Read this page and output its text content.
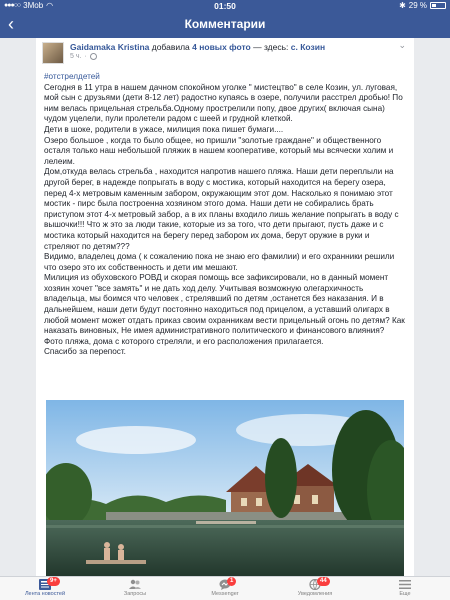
●●●○○ 3Mob ◠	01:50	✱ 29 %
‹	Комментарии
Gaidamaka Kristina добавила 4 новых фото — здесь: с. Козин
5 ч. ·
⌄
#отстрелдетей

Сегодня в 11 утра в нашем дачном спокойном уголке " мистецтво" в селе Козин, ул. луговая, мой сын с друзьями (дети 8-12 лет) радостно купаясь в озере, получили расстрел дробью! По ним велась прицельная стрельба.Одному прострелили попу, двое других( включая сына) чудом уцелели, пули пролетели радом с шеей и грудной клеткой.

Дети в шоке, родители в ужасе, милиция пока пишет бумаги....

Озеро большое , когда то было общее, но пришли "золотые граждане" и общественного осталя только наш небольшой пляжик в нашем кооперативе, который мы всячески холим и лелеим.

Дом,откуда велась стрельба , находится напротив нашего пляжа. Наши дети переплыли на другой берег, в надежде попрыгать в воду с мостика, который находится на берегу озера, перед 4-х метровым каменным забором, окружающим этот дом. Насколько я понимаю этот мостик - пирс была построенна хозяином этого дома. Наши дети не собирались брать приступом этот 4-х метровый забор, а в их планы входило лишь желание попрыгать в воду с вышочки!!! Что ж это за люди такие, которые из за того, что дети прыгают, пусть даже и с мостика который находится на берегу перед забором их дома, берут оружие в руки и стреляют по детям???

Видимо, владелец дома ( к сожалению пока не знаю его фамилии) и его охранники решили что озеро это их собственность и дети им мешают.

Милиция из обуховского РОВД и скорая помощь все зафиксировали, но в данный момент хозяин хочет "все замять" и не дать ход делу. Учитывая возможную олегархичность владельца, мы боимся что человек , стрелявший по детям ,останется без наказания. И в дальнейшем, наши дети будут постоянно находиться под прицелом, а уставший олигарх в любой момент может отдать приказ своим охранникам вести прицельный огонь по детям? Как наказать виновных, Не имея административного политического и финансового влияния?

Фото пляжа, дома с которого стреляли, и его расположения прилагается.

Спасибо за перепост.

9+
Лента новостей	Запросы
1
Messenger
44
Уведомления	Еще
